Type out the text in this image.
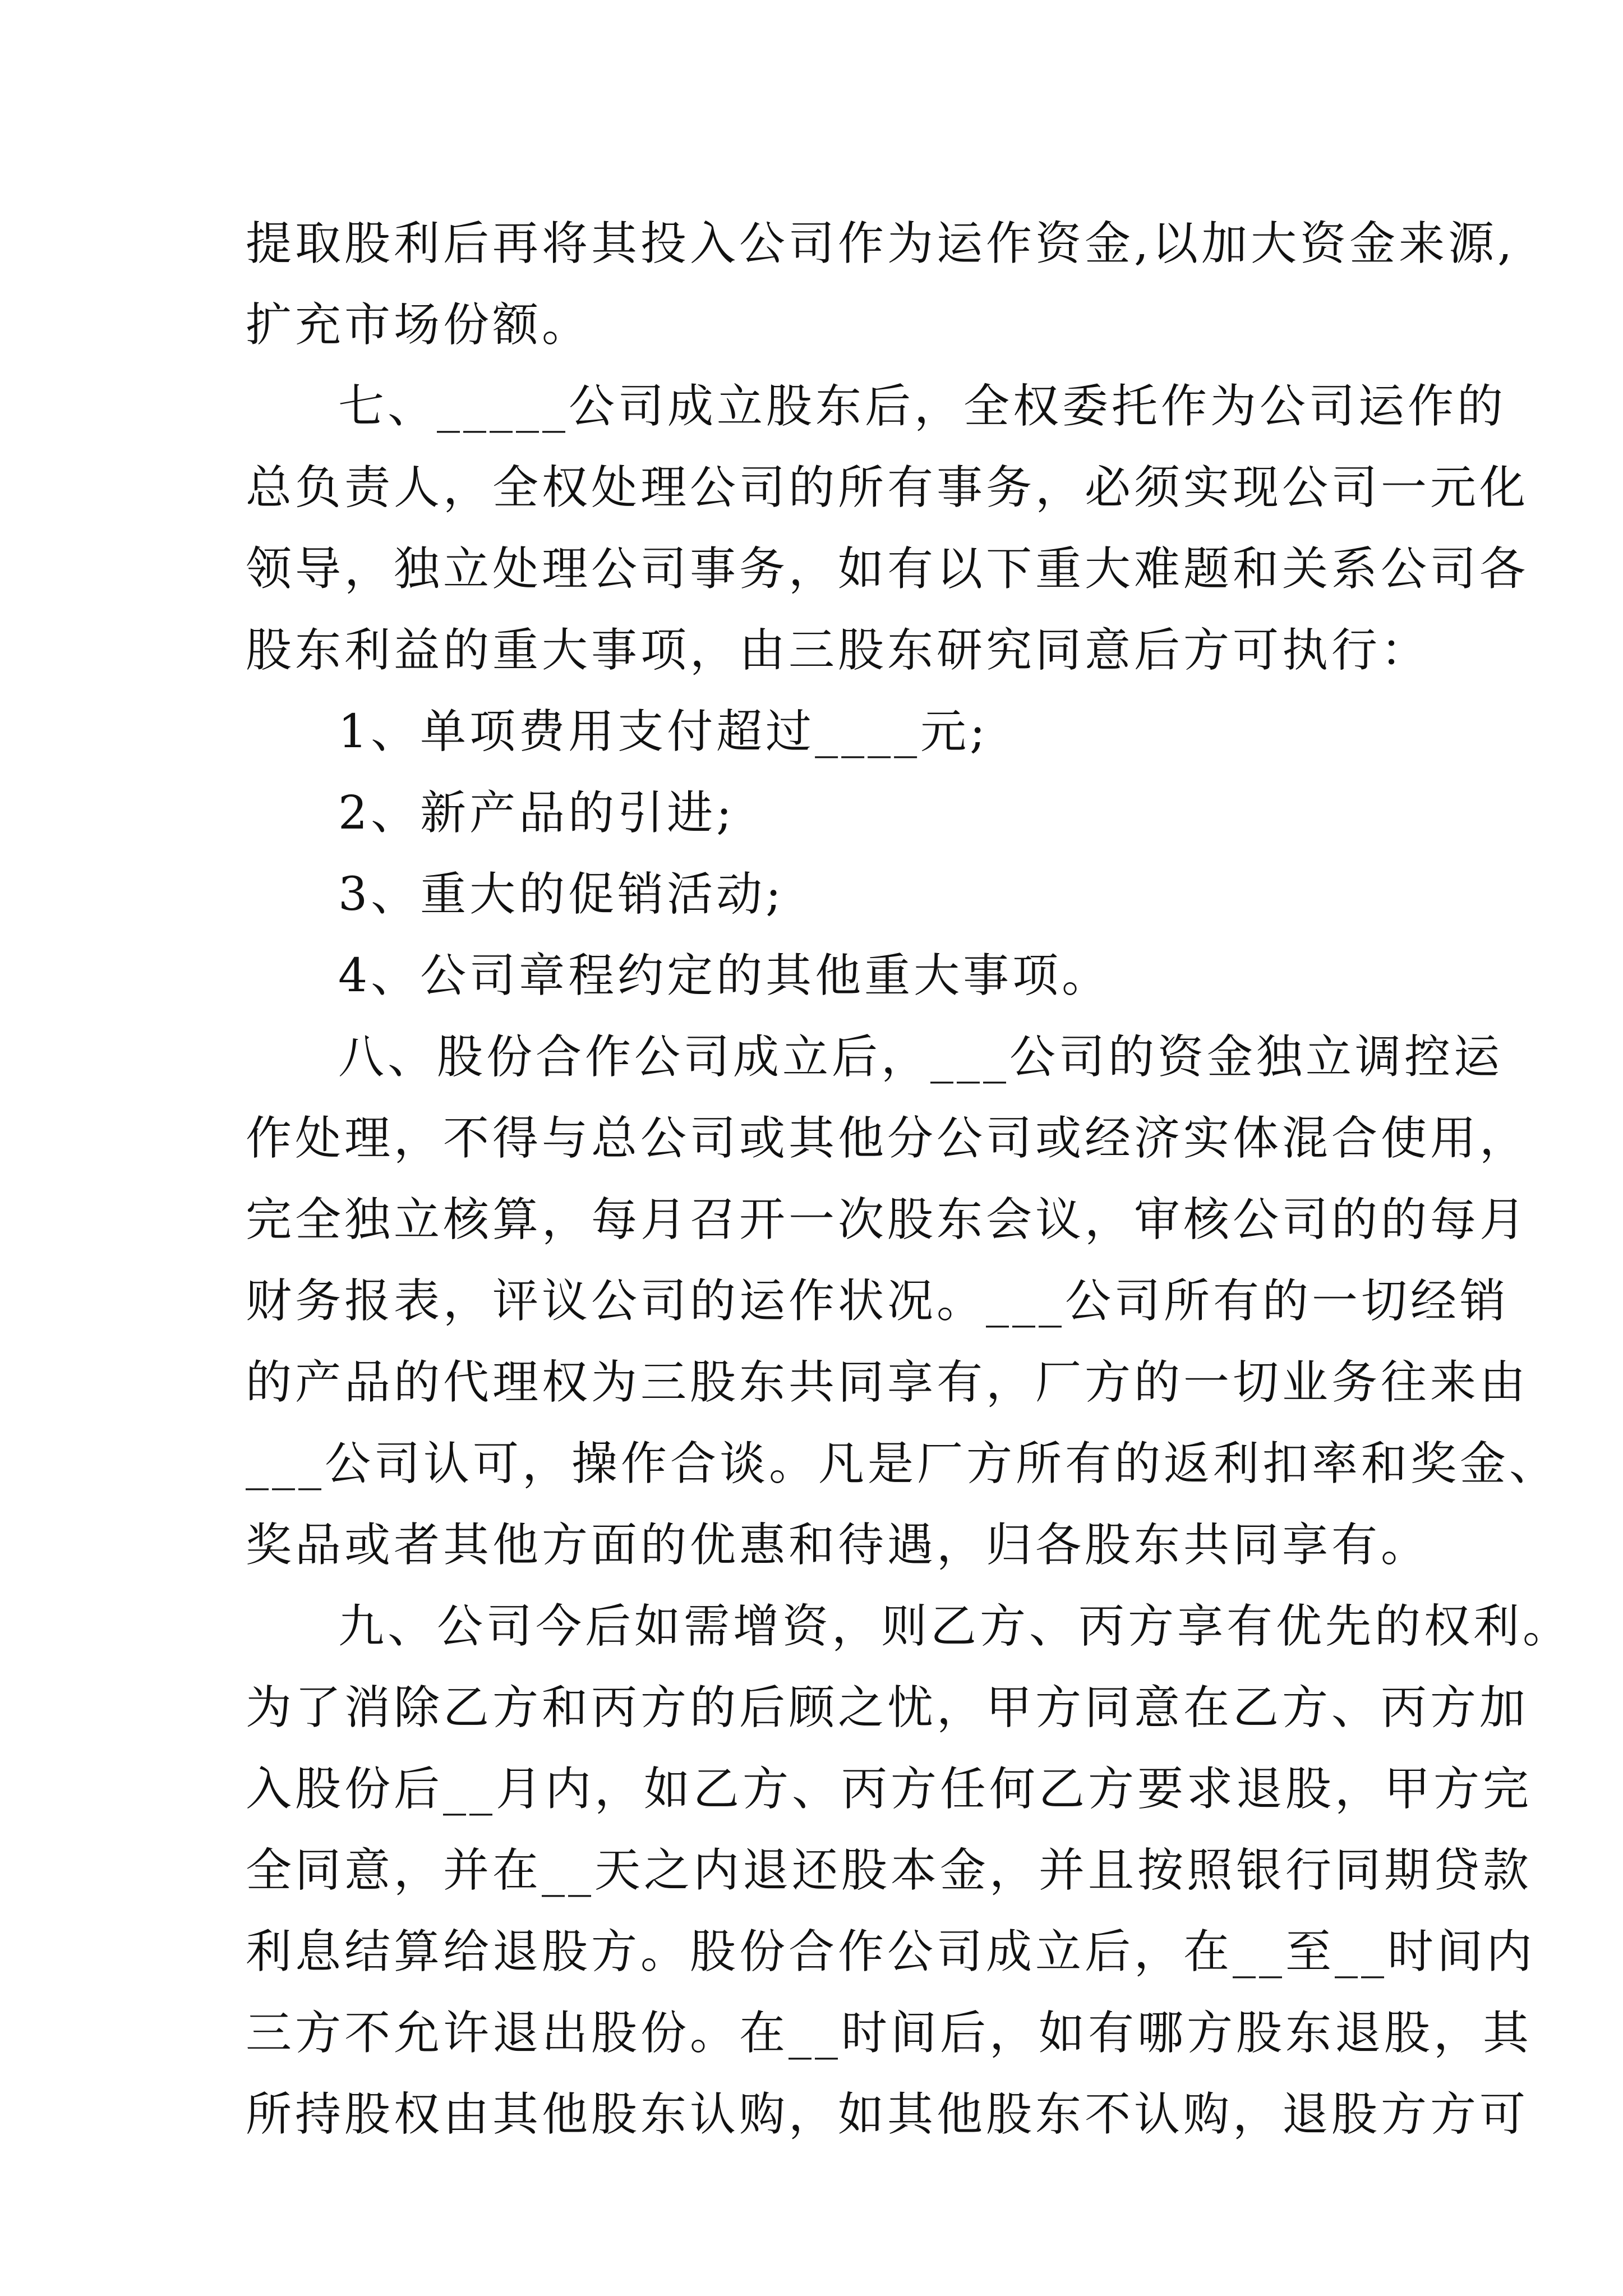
提取股利后再将其投入公司作为运作资金,以加大资金来源,
扩充市场份额。
七、_____公司成立股东后，全权委托作为公司运作的
总负责人，全权处理公司的所有事务，必须实现公司一元化
领导，独立处理公司事务，如有以下重大难题和关系公司各
股东利益的重大事项，由三股东研究同意后方可执行：
1、单项费用支付超过____元;
2、新产品的引进;
3、重大的促销活动;
4、公司章程约定的其他重大事项。
八、股份合作公司成立后，___公司的资金独立调控运
作处理，不得与总公司或其他分公司或经济实体混合使用，
完全独立核算，每月召开一次股东会议，审核公司的的每月
财务报表，评议公司的运作状况。___公司所有的一切经销
的产品的代理权为三股东共同享有，厂方的一切业务往来由
___公司认可，操作合谈。凡是厂方所有的返利扣率和奖金、
奖品或者其他方面的优惠和待遇，归各股东共同享有。
九、公司今后如需增资，则乙方、丙方享有优先的权利。
为了消除乙方和丙方的后顾之忧，甲方同意在乙方、丙方加
入股份后__月内，如乙方、丙方任何乙方要求退股，甲方完
全同意，并在__天之内退还股本金，并且按照银行同期贷款
利息结算给退股方。股份合作公司成立后，在__至__时间内
三方不允许退出股份。在__时间后，如有哪方股东退股，其
所持股权由其他股东认购，如其他股东不认购，退股方方可
